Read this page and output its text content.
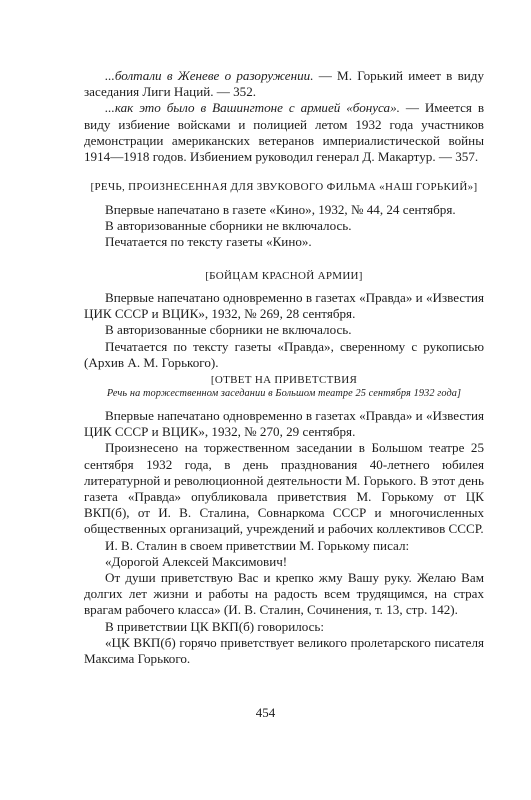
...болтали в Женеве о разоружении. — М. Горький имеет в виду заседания Лиги Наций. — 352.

...как это было в Вашингтоне с армией «бонуса». — Имеется в виду избиение войсками и полицией летом 1932 года участников демонстрации американских ветеранов империалистической войны 1914—1918 годов. Избиением руководил генерал Д. Макартур. — 357.

[РЕЧЬ, ПРОИЗНЕСЕННАЯ ДЛЯ ЗВУКОВОГО ФИЛЬМА «НАШ ГОРЬКИЙ»]

Впервые напечатано в газете «Кино», 1932, № 44, 24 сентября.

В авторизованные сборники не включалось.

Печатается по тексту газеты «Кино».

[БОЙЦАМ КРАСНОЙ АРМИИ]

Впервые напечатано одновременно в газетах «Правда» и «Известия ЦИК СССР и ВЦИК», 1932, № 269, 28 сентября.

В авторизованные сборники не включалось.

Печатается по тексту газеты «Правда», сверенному с рукописью (Архив А. М. Горького).

[ОТВЕТ НА ПРИВЕТСТВИЯ

Речь на торжественном заседании в Большом театре 25 сентября 1932 года]

Впервые напечатано одновременно в газетах «Правда» и «Известия ЦИК СССР и ВЦИК», 1932, № 270, 29 сентября.

Произнесено на торжественном заседании в Большом театре 25 сентября 1932 года, в день празднования 40-летнего юбилея литературной и революционной деятельности М. Горького. В этот день газета «Правда» опубликовала приветствия М. Горькому от ЦК ВКП(б), от И. В. Сталина, Совнаркома СССР и многочисленных общественных организаций, учреждений и рабочих коллективов СССР.

И. В. Сталин в своем приветствии М. Горькому писал:

«Дорогой Алексей Максимович!

От души приветствую Вас и крепко жму Вашу руку. Желаю Вам долгих лет жизни и работы на радость всем трудящимся, на страх врагам рабочего класса» (И. В. Сталин, Сочинения, т. 13, стр. 142).

В приветствии ЦК ВКП(б) говорилось:

«ЦК ВКП(б) горячо приветствует великого пролетарского писателя Максима Горького.

454
